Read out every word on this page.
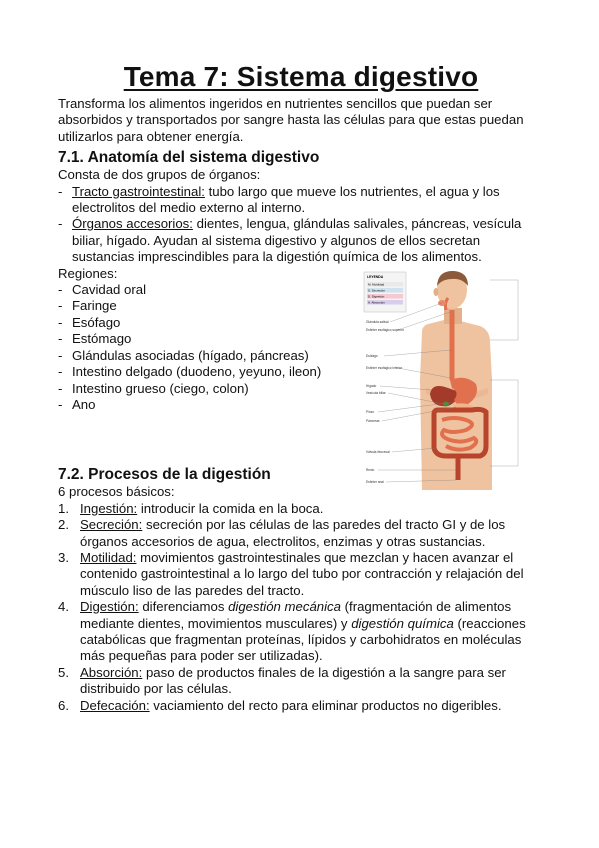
Tema 7: Sistema digestivo

Transforma los alimentos ingeridos en nutrientes sencillos que puedan ser absorbidos y transportados por sangre hasta las células para que estas puedan utilizarlos para obtener energía.

7.1. Anatomía del sistema digestivo

Consta de dos grupos de órganos:

- Tracto gastrointestinal: tubo largo que mueve los nutrientes, el agua y los electrolitos del medio externo al interno.
- Órganos accesorios: dientes, lengua, glándulas salivales, páncreas, vesícula biliar, hígado. Ayudan al sistema digestivo y algunos de ellos secretan sustancias imprescindibles para la digestión química de los alimentos.

Regiones:

- Cavidad oral
- Faringe
- Esófago
- Estómago
- Glándulas asociadas (hígado, páncreas)
- Intestino delgado (duodeno, yeyuno, ileon)
- Intestino grueso (ciego, colon)
- Ano
7.2. Procesos de la digestión

6 procesos básicos:

1. Ingestión: introducir la comida en la boca.
2. Secreción: secreción por las células de las paredes del tracto GI y de los órganos accesorios de agua, electrolitos, enzimas y otras sustancias.
3. Motilidad: movimientos gastrointestinales que mezclan y hacen avanzar el contenido gastrointestinal a lo largo del tubo por contracción y relajación del músculo liso de las paredes del tracto.
4. Digestión: diferenciamos digestión mecánica (fragmentación de alimentos mediante dientes, movimientos musculares) y digestión química (reacciones catabólicas que fragmentan proteínas, lípidos y carbohidratos en moléculas más pequeñas para poder ser utilizadas).
5. Absorción: paso de productos finales de la digestión a la sangre para ser distribuido por las células.
6. Defecación: vaciamiento del recto para eliminar productos no digeribles.
LEYENDA
M. Motilidad
S. Secreción
D. Digestión
A. Absorción
Glándula salival
Esfínter esofágico superior
Esófago
Esfínter esofágico inferior
Hígado
Vesícula biliar
Píloro
Páncreas
Válvula ileocecal
Recto
Esfínter anal
